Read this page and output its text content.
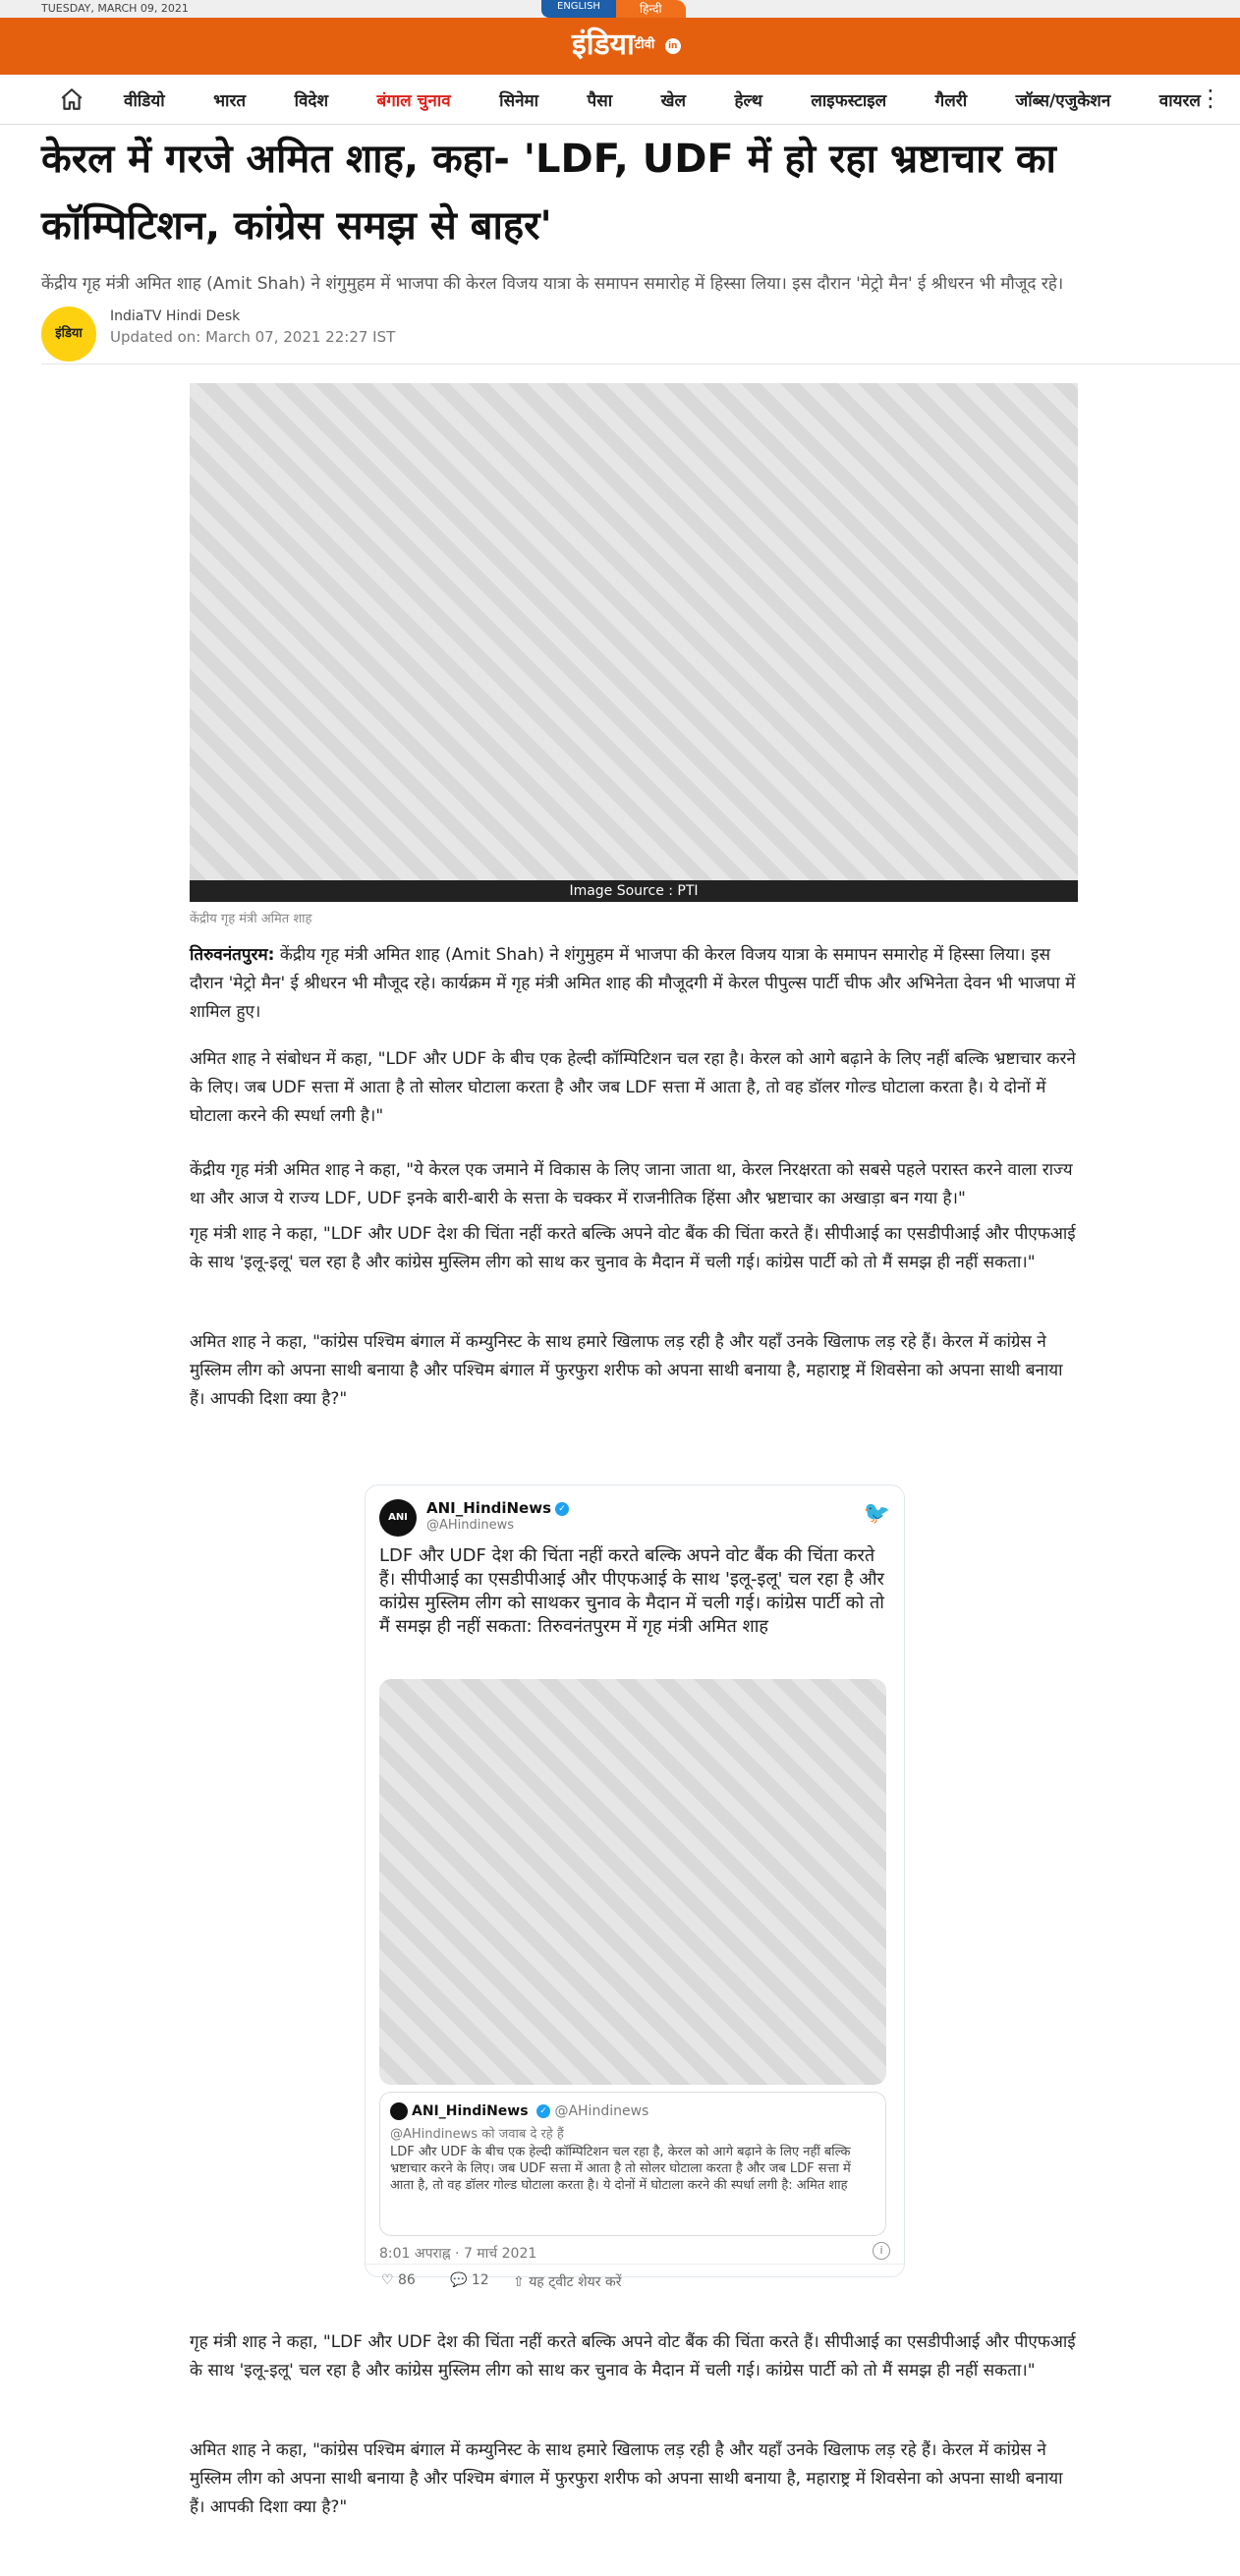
TUESDAY, MARCH 09, 2021	ENGLISH	हिन्दी
इंडिया$^{टीवी}$ in
वीडियो	भारत	विदेश	बंगाल चुनाव	सिनेमा	पैसा	खेल	हेल्थ	लाइफस्टाइल	गैलरी	जॉब्स/एजुकेशन	वायरल
⋮
केरल में गरजे अमित शाह, कहा- 'LDF, UDF में हो रहा भ्रष्टाचार का कॉम्पिटिशन, कांग्रेस समझ से बाहर'
केंद्रीय गृह मंत्री अमित शाह (Amit Shah) ने शंगुमुहम में भाजपा की केरल विजय यात्रा के समापन समारोह में हिस्सा लिया। इस दौरान 'मेट्रो मैन' ई श्रीधरन भी मौजूद रहे।
इंडिया
IndiaTV Hindi Desk
Updated on: March 07, 2021 22:27 IST
Image Source : PTI
केंद्रीय गृह मंत्री अमित शाह
तिरुवनंतपुरम: केंद्रीय गृह मंत्री अमित शाह (Amit Shah) ने शंगुमुहम में भाजपा की केरल विजय यात्रा के समापन समारोह में हिस्सा लिया। इस दौरान 'मेट्रो मैन' ई श्रीधरन भी मौजूद रहे। कार्यक्रम में गृह मंत्री अमित शाह की मौजूदगी में केरल पीपुल्स पार्टी चीफ और अभिनेता देवन भी भाजपा में शामिल हुए।
अमित शाह ने संबोधन में कहा, "LDF और UDF के बीच एक हेल्दी कॉम्पिटिशन चल रहा है। केरल को आगे बढ़ाने के लिए नहीं बल्कि भ्रष्टाचार करने के लिए। जब UDF सत्ता में आता है तो सोलर घोटाला करता है और जब LDF सत्ता में आता है, तो वह डॉलर गोल्ड घोटाला करता है। ये दोनों में घोटाला करने की स्पर्धा लगी है।"
केंद्रीय गृह मंत्री अमित शाह ने कहा, "ये केरल एक जमाने में विकास के लिए जाना जाता था, केरल निरक्षरता को सबसे पहले परास्त करने वाला राज्य था और आज ये राज्य LDF, UDF इनके बारी-बारी के सत्ता के चक्कर में राजनीतिक हिंसा और भ्रष्टाचार का अखाड़ा बन गया है।"
गृह मंत्री शाह ने कहा, "LDF और UDF देश की चिंता नहीं करते बल्कि अपने वोट बैंक की चिंता करते हैं। सीपीआई का एसडीपीआई और पीएफआई के साथ 'इलू-इलू' चल रहा है और कांग्रेस मुस्लिम लीग को साथ कर चुनाव के मैदान में चली गई। कांग्रेस पार्टी को तो मैं समझ ही नहीं सकता।"
अमित शाह ने कहा, "कांग्रेस पश्चिम बंगाल में कम्युनिस्ट के साथ हमारे खिलाफ लड़ रही है और यहाँ उनके खिलाफ लड़ रहे हैं। केरल में कांग्रेस ने मुस्लिम लीग को अपना साथी बनाया है और पश्चिम बंगाल में फुरफुरा शरीफ को अपना साथी बनाया है, महाराष्ट्र में शिवसेना को अपना साथी बनाया हैं। आपकी दिशा क्या है?"
ANI
ANI_HindiNews ✓
@AHindinews	🐦
LDF और UDF देश की चिंता नहीं करते बल्कि अपने वोट बैंक की चिंता करते हैं। सीपीआई का एसडीपीआई और पीएफआई के साथ 'इलू-इलू' चल रहा है और कांग्रेस मुस्लिम लीग को साथकर चुनाव के मैदान में चली गई। कांग्रेस पार्टी को तो मैं समझ ही नहीं सकता: तिरुवनंतपुरम में गृह मंत्री अमित शाह
ANI_HindiNews ✓ @AHindinews
@AHindinews को जवाब दे रहे हैं
LDF और UDF के बीच एक हेल्दी कॉम्पिटिशन चल रहा है, केरल को आगे बढ़ाने के लिए नहीं बल्कि भ्रष्टाचार करने के लिए। जब UDF सत्ता में आता है तो सोलर घोटाला करता है और जब LDF सत्ता में आता है, तो वह डॉलर गोल्ड घोटाला करता है। ये दोनों में घोटाला करने की स्पर्धा लगी है: अमित शाह
8:01 अपराह्न · 7 मार्च 2021	i
♡ 86	💬 12 ⇧ यह ट्वीट शेयर करें
गृह मंत्री शाह ने कहा, "LDF और UDF देश की चिंता नहीं करते बल्कि अपने वोट बैंक की चिंता करते हैं। सीपीआई का एसडीपीआई और पीएफआई के साथ 'इलू-इलू' चल रहा है और कांग्रेस मुस्लिम लीग को साथ कर चुनाव के मैदान में चली गई। कांग्रेस पार्टी को तो मैं समझ ही नहीं सकता।"
अमित शाह ने कहा, "कांग्रेस पश्चिम बंगाल में कम्युनिस्ट के साथ हमारे खिलाफ लड़ रही है और यहाँ उनके खिलाफ लड़ रहे हैं। केरल में कांग्रेस ने मुस्लिम लीग को अपना साथी बनाया है और पश्चिम बंगाल में फुरफुरा शरीफ को अपना साथी बनाया है, महाराष्ट्र में शिवसेना को अपना साथी बनाया हैं। आपकी दिशा क्या है?"
